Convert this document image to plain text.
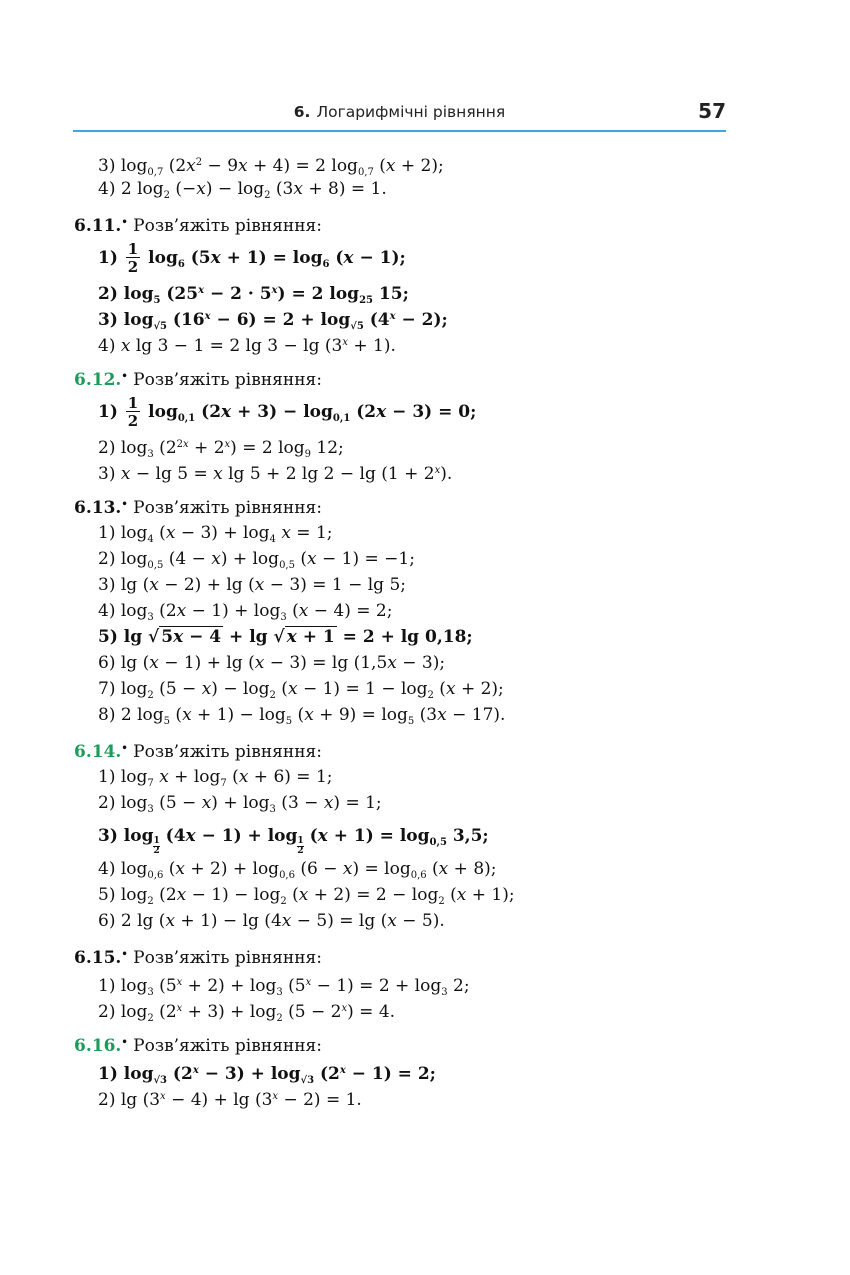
6. Логарифмічні рівняння	57
3) $\log_{0,7} (2x^2 - 9x + 4) = 2$ $\log_{0,7} (x + 2)$;
4) 2 $\log_2 (-x) - \log_2 (3x + 8) = 1$.
6.11.• Розв’яжіть рівняння:
$1) \frac{1}{2} \log_6 (5x + 1) = \log_6 (x - 1)$;
2) $\log_5 (25^x - 2 \cdot 5^x) = 2$ $\log_{25} 15$;
3) $\log_{√5} (16^x - 6) = 2 + \log_{√5} (4^x - 2)$;
4) x lg 3 − 1 = 2 $\lg 3 - \lg (3^x + 1)$.
6.12.• Розв’яжіть рівняння:
$1) \frac{1}{2} \log_{0,1} (2x + 3) - \log_{0,1} (2x - 3) = 0$;
2) $\log_3 (2^{2x} + 2^x) = 2$ $\log_9 12$;
3) x − lg 5 = x lg 5 + 2 $\lg 2 - \lg (1 + 2^x)$.
6.13.• Розв’яжіть рівняння:
1) $\log_4 (x - 3) + \log_4 x = 1$;
2) $\log_{0,5} (4 - x) + \log_{0,5} (x - 1) = -1$;
3) lg (x − 2) + lg (x − 3) = 1 − lg 5;
4) $\log_3 (2x - 1) + \log_3 (x - 4) = 2$;
5) lg √ 5x − 4 + lg √ x + 1 = 2 + lg 0,18;
6) lg (x − 1) + lg (x − 3) = lg (1,5x − 3);
7) $\log_2 (5 - x) - \log_2 (x - 1) = 1 - \log_2 (x + 2)$;
8) 2 $\log_5 (x + 1) - \log_5 (x + 9) = \log_5 (3x - 17)$.
6.14.• Розв’яжіть рівняння:
1) $\log_7 x + \log_7 (x + 6) = 1$;
2) $\log_3 (5 - x) + \log_3 (3 - x) = 1$;
3) log
$\frac{1}{2}$
(4x − 1) + log
$\frac{1}{2}$
$(x + 1) = \log_{0,5} 3,5$;
4) $\log_{0,6} (x + 2) + \log_{0,6} (6 - x) = \log_{0,6} (x + 8)$;
5) $\log_2 (2x - 1) - \log_2 (x + 2) = 2 - \log_2 (x + 1)$;
6) 2 lg (x + 1) − lg (4x − 5) = lg (x − 5).
6.15.• Розв’яжіть рівняння:
1) $\log_3 (5^x + 2) + \log_3 (5^x - 1) = 2 + \log_3 2$;
2) $\log_2 (2^x + 3) + \log_2 (5 - 2^x) = 4$.
6.16.• Розв’яжіть рівняння:
1) $\log_{√3} (2^x - 3) + \log_{√3} (2^x - 1) = 2$;
2) $\lg (3^x - 4) + \lg (3^x - 2) = 1$.
